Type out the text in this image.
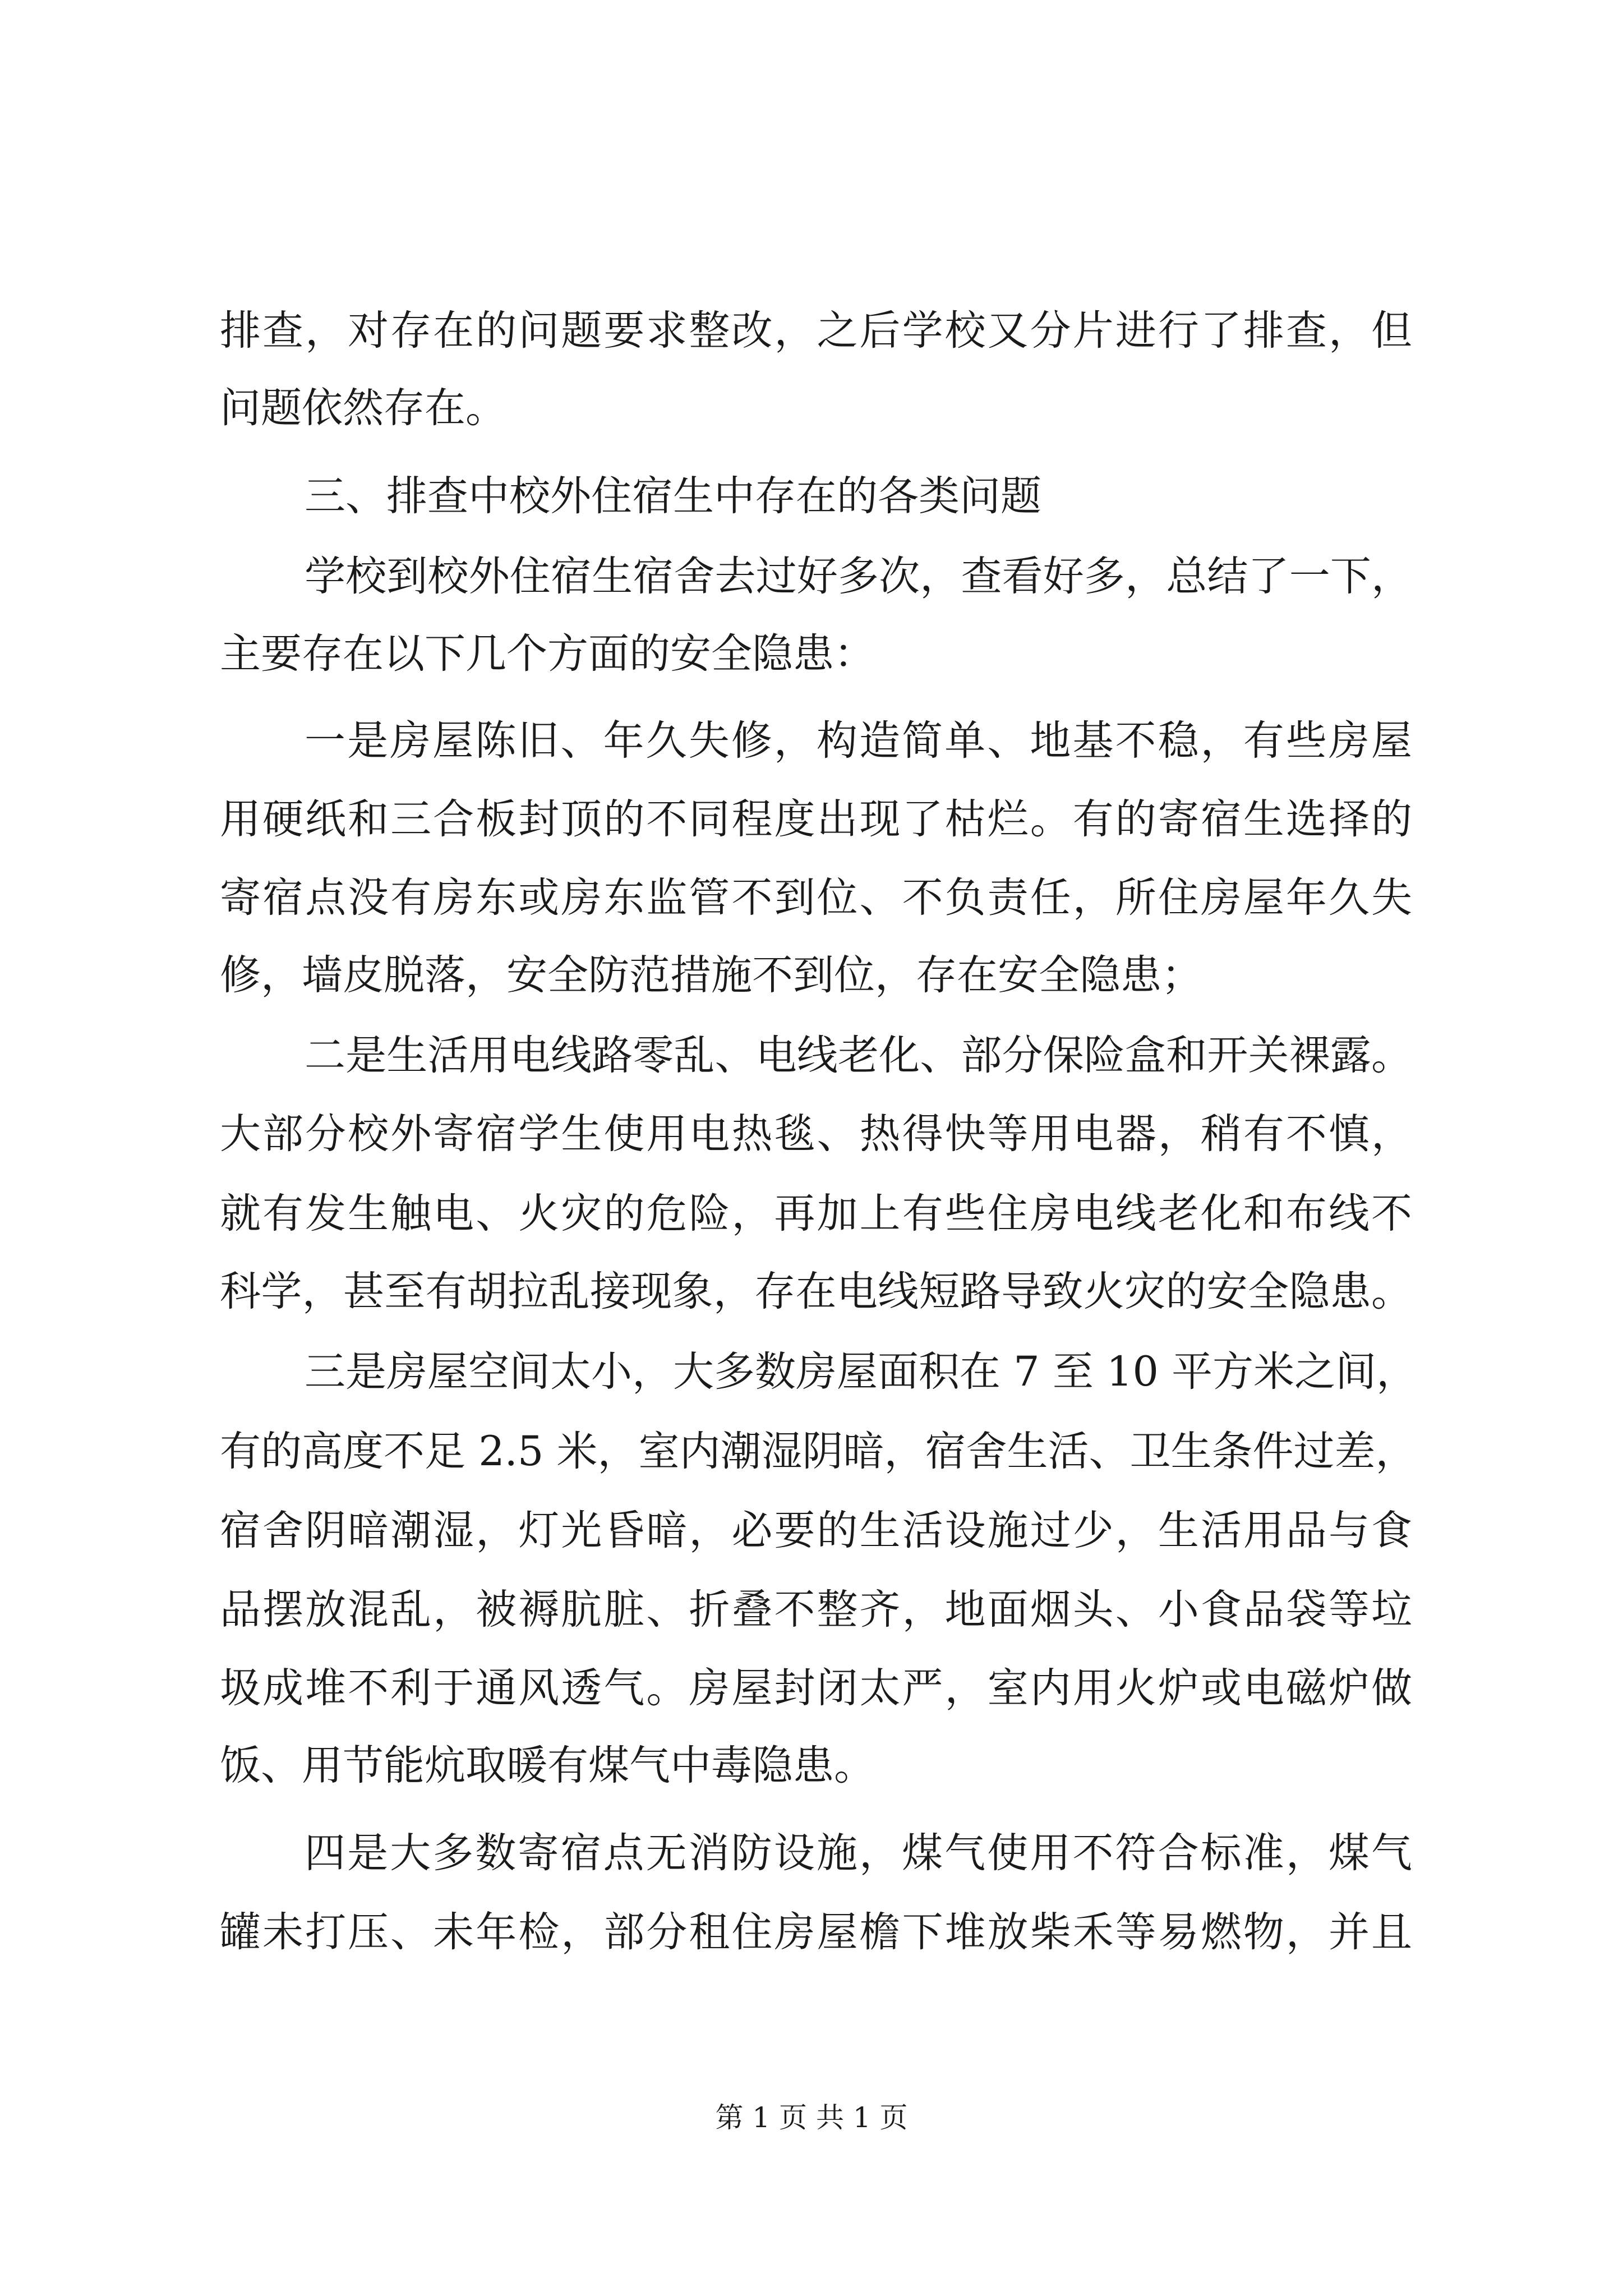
排查，对存在的问题要求整改，之后学校又分片进行了排查，但
问题依然存在。
三、排查中校外住宿生中存在的各类问题
学校到校外住宿生宿舍去过好多次，查看好多，总结了一下，
主要存在以下几个方面的安全隐患：
一是房屋陈旧、年久失修，构造简单、地基不稳，有些房屋
用硬纸和三合板封顶的不同程度出现了枯烂。有的寄宿生选择的
寄宿点没有房东或房东监管不到位、不负责任，所住房屋年久失
修，墙皮脱落，安全防范措施不到位，存在安全隐患；
二是生活用电线路零乱、电线老化、部分保险盒和开关裸露。
大部分校外寄宿学生使用电热毯、热得快等用电器，稍有不慎，
就有发生触电、火灾的危险，再加上有些住房电线老化和布线不
科学，甚至有胡拉乱接现象，存在电线短路导致火灾的安全隐患。
三是房屋空间太小，大多数房屋面积在 7 至 10 平方米之间，
有的高度不足 2.5 米，室内潮湿阴暗，宿舍生活、卫生条件过差，
宿舍阴暗潮湿，灯光昏暗，必要的生活设施过少，生活用品与食
品摆放混乱，被褥肮脏、折叠不整齐，地面烟头、小食品袋等垃
圾成堆不利于通风透气。房屋封闭太严，室内用火炉或电磁炉做
饭、用节能炕取暖有煤气中毒隐患。
四是大多数寄宿点无消防设施，煤气使用不符合标准，煤气
罐未打压、未年检，部分租住房屋檐下堆放柴禾等易燃物，并且
第 1 页 共 1 页
